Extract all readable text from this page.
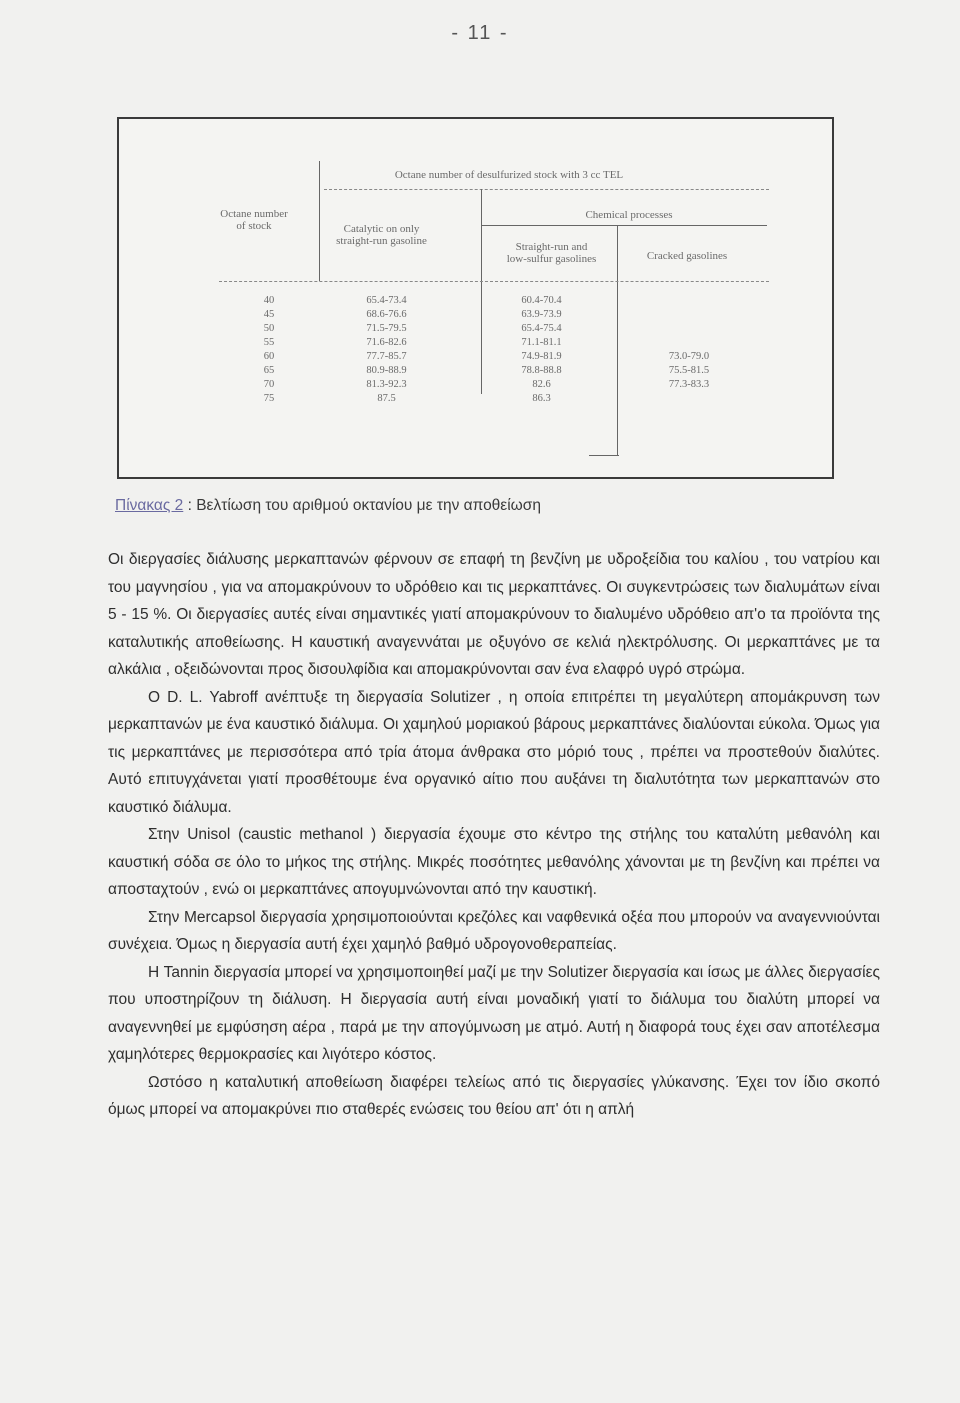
- 11 -
Octane number of desulfurized stock with 3 cc TEL
Octane number
of stock	Catalytic on only
straight-run gasoline
Chemical processes
Straight-run and
low-sulfur gasolines	Cracked gasolines
40	65.4-73.4	60.4-70.4
45	68.6-76.6	63.9-73.9
50	71.5-79.5	65.4-75.4
55	71.6-82.6	71.1-81.1
60	77.7-85.7	74.9-81.9	73.0-79.0
65	80.9-88.9	78.8-88.8	75.5-81.5
70	81.3-92.3	82.6	77.3-83.3
75	87.5	86.3
Πίνακας 2 : Βελτίωση του αριθμού οκτανίου με την αποθείωση

Οι διεργασίες διάλυσης μερκαπτανών φέρνουν σε επαφή τη βενζίνη με υδροξείδια του καλίου , του νατρίου και του μαγνησίου , για να απομακρύνουν το υδρόθειο και τις μερκαπτάνες. Οι συγκεντρώσεις των διαλυμάτων είναι 5 - 15 %. Οι διεργασίες αυτές είναι σημαντικές γιατί απομακρύνουν το διαλυμένο υδρόθειο απ'ο τα προϊόντα της καταλυτικής αποθείωσης. Η καυστική αναγεννάται με οξυγόνο σε κελιά ηλεκτρόλυσης. Οι μερκαπτάνες με τα αλκάλια , οξειδώνονται προς δισουλφίδια και απομακρύνονται σαν ένα ελαφρό υγρό στρώμα.

Ο D. L. Yabroff ανέπτυξε τη διεργασία Solutizer , η οποία επιτρέπει τη μεγαλύτερη απομάκρυνση των μερκαπτανών με ένα καυστικό διάλυμα. Οι χαμηλού μοριακού βάρους μερκαπτάνες διαλύονται εύκολα. Όμως για τις μερκαπτάνες με περισσότερα από τρία άτομα άνθρακα στο μόριό τους , πρέπει να προστεθούν διαλύτες. Αυτό επιτυγχάνεται γιατί προσθέτουμε ένα οργανικό αίτιο που αυξάνει τη διαλυτότητα των μερκαπτανών στο καυστικό διάλυμα.

Στην Unisol (caustic methanol ) διεργασία έχουμε στο κέντρο της στήλης του καταλύτη μεθανόλη και καυστική σόδα σε όλο το μήκος της στήλης. Μικρές ποσότητες μεθανόλης χάνονται με τη βενζίνη και πρέπει να αποσταχτούν , ενώ οι μερκαπτάνες απογυμνώνονται από την καυστική.

Στην Mercapsol διεργασία χρησιμοποιούνται κρεζόλες και ναφθενικά οξέα που μπορούν να αναγεννιούνται συνέχεια. Όμως η διεργασία αυτή έχει χαμηλό βαθμό υδρογονοθεραπείας.

Η Tannin διεργασία μπορεί να χρησιμοποιηθεί μαζί με την Solutizer διεργασία και ίσως με άλλες διεργασίες που υποστηρίζουν τη διάλυση. Η διεργασία αυτή είναι μοναδική γιατί το διάλυμα του διαλύτη μπορεί να αναγεννηθεί με εμφύσηση αέρα , παρά με την απογύμνωση με ατμό. Αυτή η διαφορά τους έχει σαν αποτέλεσμα χαμηλότερες θερμοκρασίες και λιγότερο κόστος.

Ωστόσο η καταλυτική αποθείωση διαφέρει τελείως από τις διεργασίες γλύκανσης. Έχει τον ίδιο σκοπό όμως μπορεί να απομακρύνει πιο σταθερές ενώσεις του θείου απ' ότι η απλή
